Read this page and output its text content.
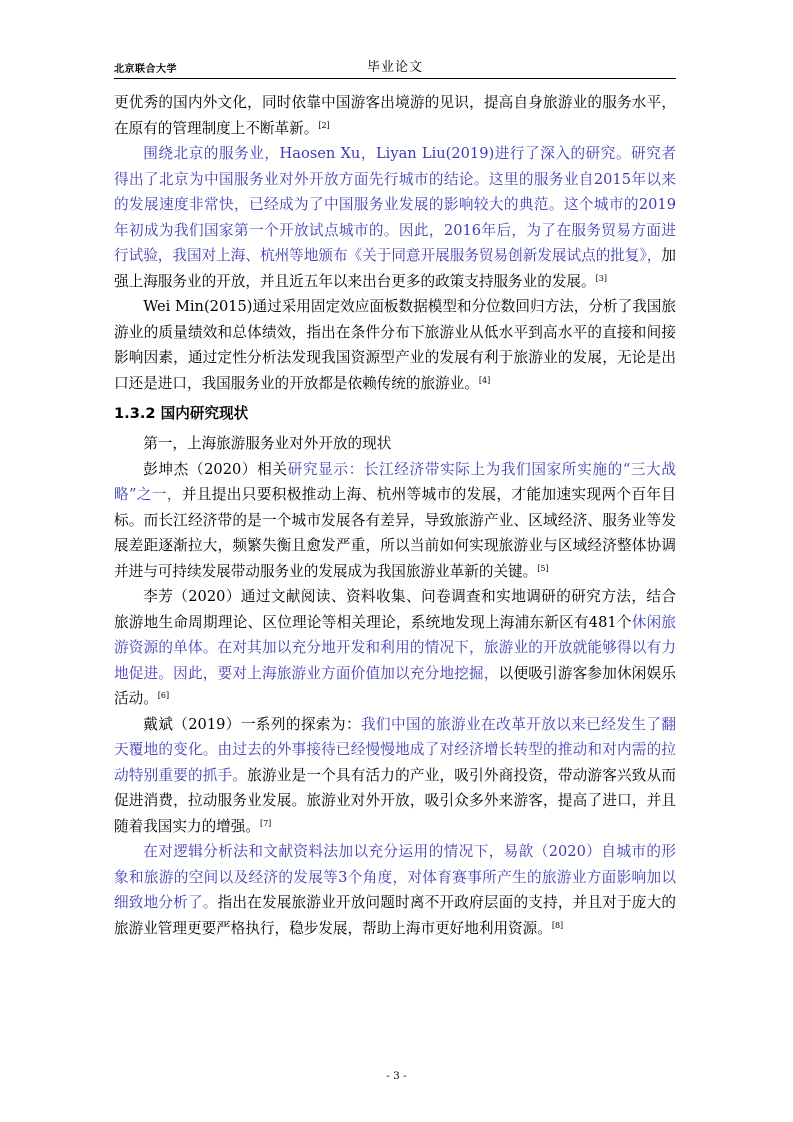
北京联合大学	毕业论文

更优秀的国内外文化，同时依靠中国游客出境游的见识，提高自身旅游业的服务水平，在原有的管理制度上不断革新。[2]

围绕北京的服务业，Haosen Xu，Liyan Liu(2019)进行了深入的研究。研究者得出了北京为中国服务业对外开放方面先行城市的结论。这里的服务业自2015年以来的发展速度非常快，已经成为了中国服务业发展的影响较大的典范。这个城市的2019年初成为我们国家第一个开放试点城市的。因此，2016年后，为了在服务贸易方面进行试验，我国对上海、杭州等地颁布《关于同意开展服务贸易创新发展试点的批复》，加强上海服务业的开放，并且近五年以来出台更多的政策支持服务业的发展。[3]

Wei Min(2015)通过采用固定效应面板数据模型和分位数回归方法，分析了我国旅游业的质量绩效和总体绩效，指出在条件分布下旅游业从低水平到高水平的直接和间接影响因素，通过定性分析法发现我国资源型产业的发展有利于旅游业的发展，无论是出口还是进口，我国服务业的开放都是依赖传统的旅游业。[4]

1.3.2 国内研究现状

第一，上海旅游服务业对外开放的现状

彭坤杰（2020）相关研究显示：长江经济带实际上为我们国家所实施的“三大战略”之一，并且提出只要积极推动上海、杭州等城市的发展，才能加速实现两个百年目标。而长江经济带的是一个城市发展各有差异，导致旅游产业、区域经济、服务业等发展差距逐渐拉大，频繁失衡且愈发严重，所以当前如何实现旅游业与区域经济整体协调并进与可持续发展带动服务业的发展成为我国旅游业革新的关键。[5]

李芳（2020）通过文献阅读、资料收集、问卷调查和实地调研的研究方法，结合旅游地生命周期理论、区位理论等相关理论，系统地发现上海浦东新区有481个休闲旅游资源的单体。在对其加以充分地开发和利用的情况下，旅游业的开放就能够得以有力地促进。因此，要对上海旅游业方面价值加以充分地挖掘，以便吸引游客参加休闲娱乐活动。[6]

戴斌（2019）一系列的探索为：我们中国的旅游业在改革开放以来已经发生了翻天覆地的变化。由过去的外事接待已经慢慢地成了对经济增长转型的推动和对内需的拉动特别重要的抓手。旅游业是一个具有活力的产业，吸引外商投资，带动游客兴致从而促进消费，拉动服务业发展。旅游业对外开放，吸引众多外来游客，提高了进口，并且随着我国实力的增强。[7]

在对逻辑分析法和文献资料法加以充分运用的情况下，易歆（2020）自城市的形象和旅游的空间以及经济的发展等3个角度，对体育赛事所产生的旅游业方面影响加以细致地分析了。指出在发展旅游业开放问题时离不开政府层面的支持，并且对于庞大的旅游业管理更要严格执行，稳步发展，帮助上海市更好地利用资源。[8]

- 3 -
